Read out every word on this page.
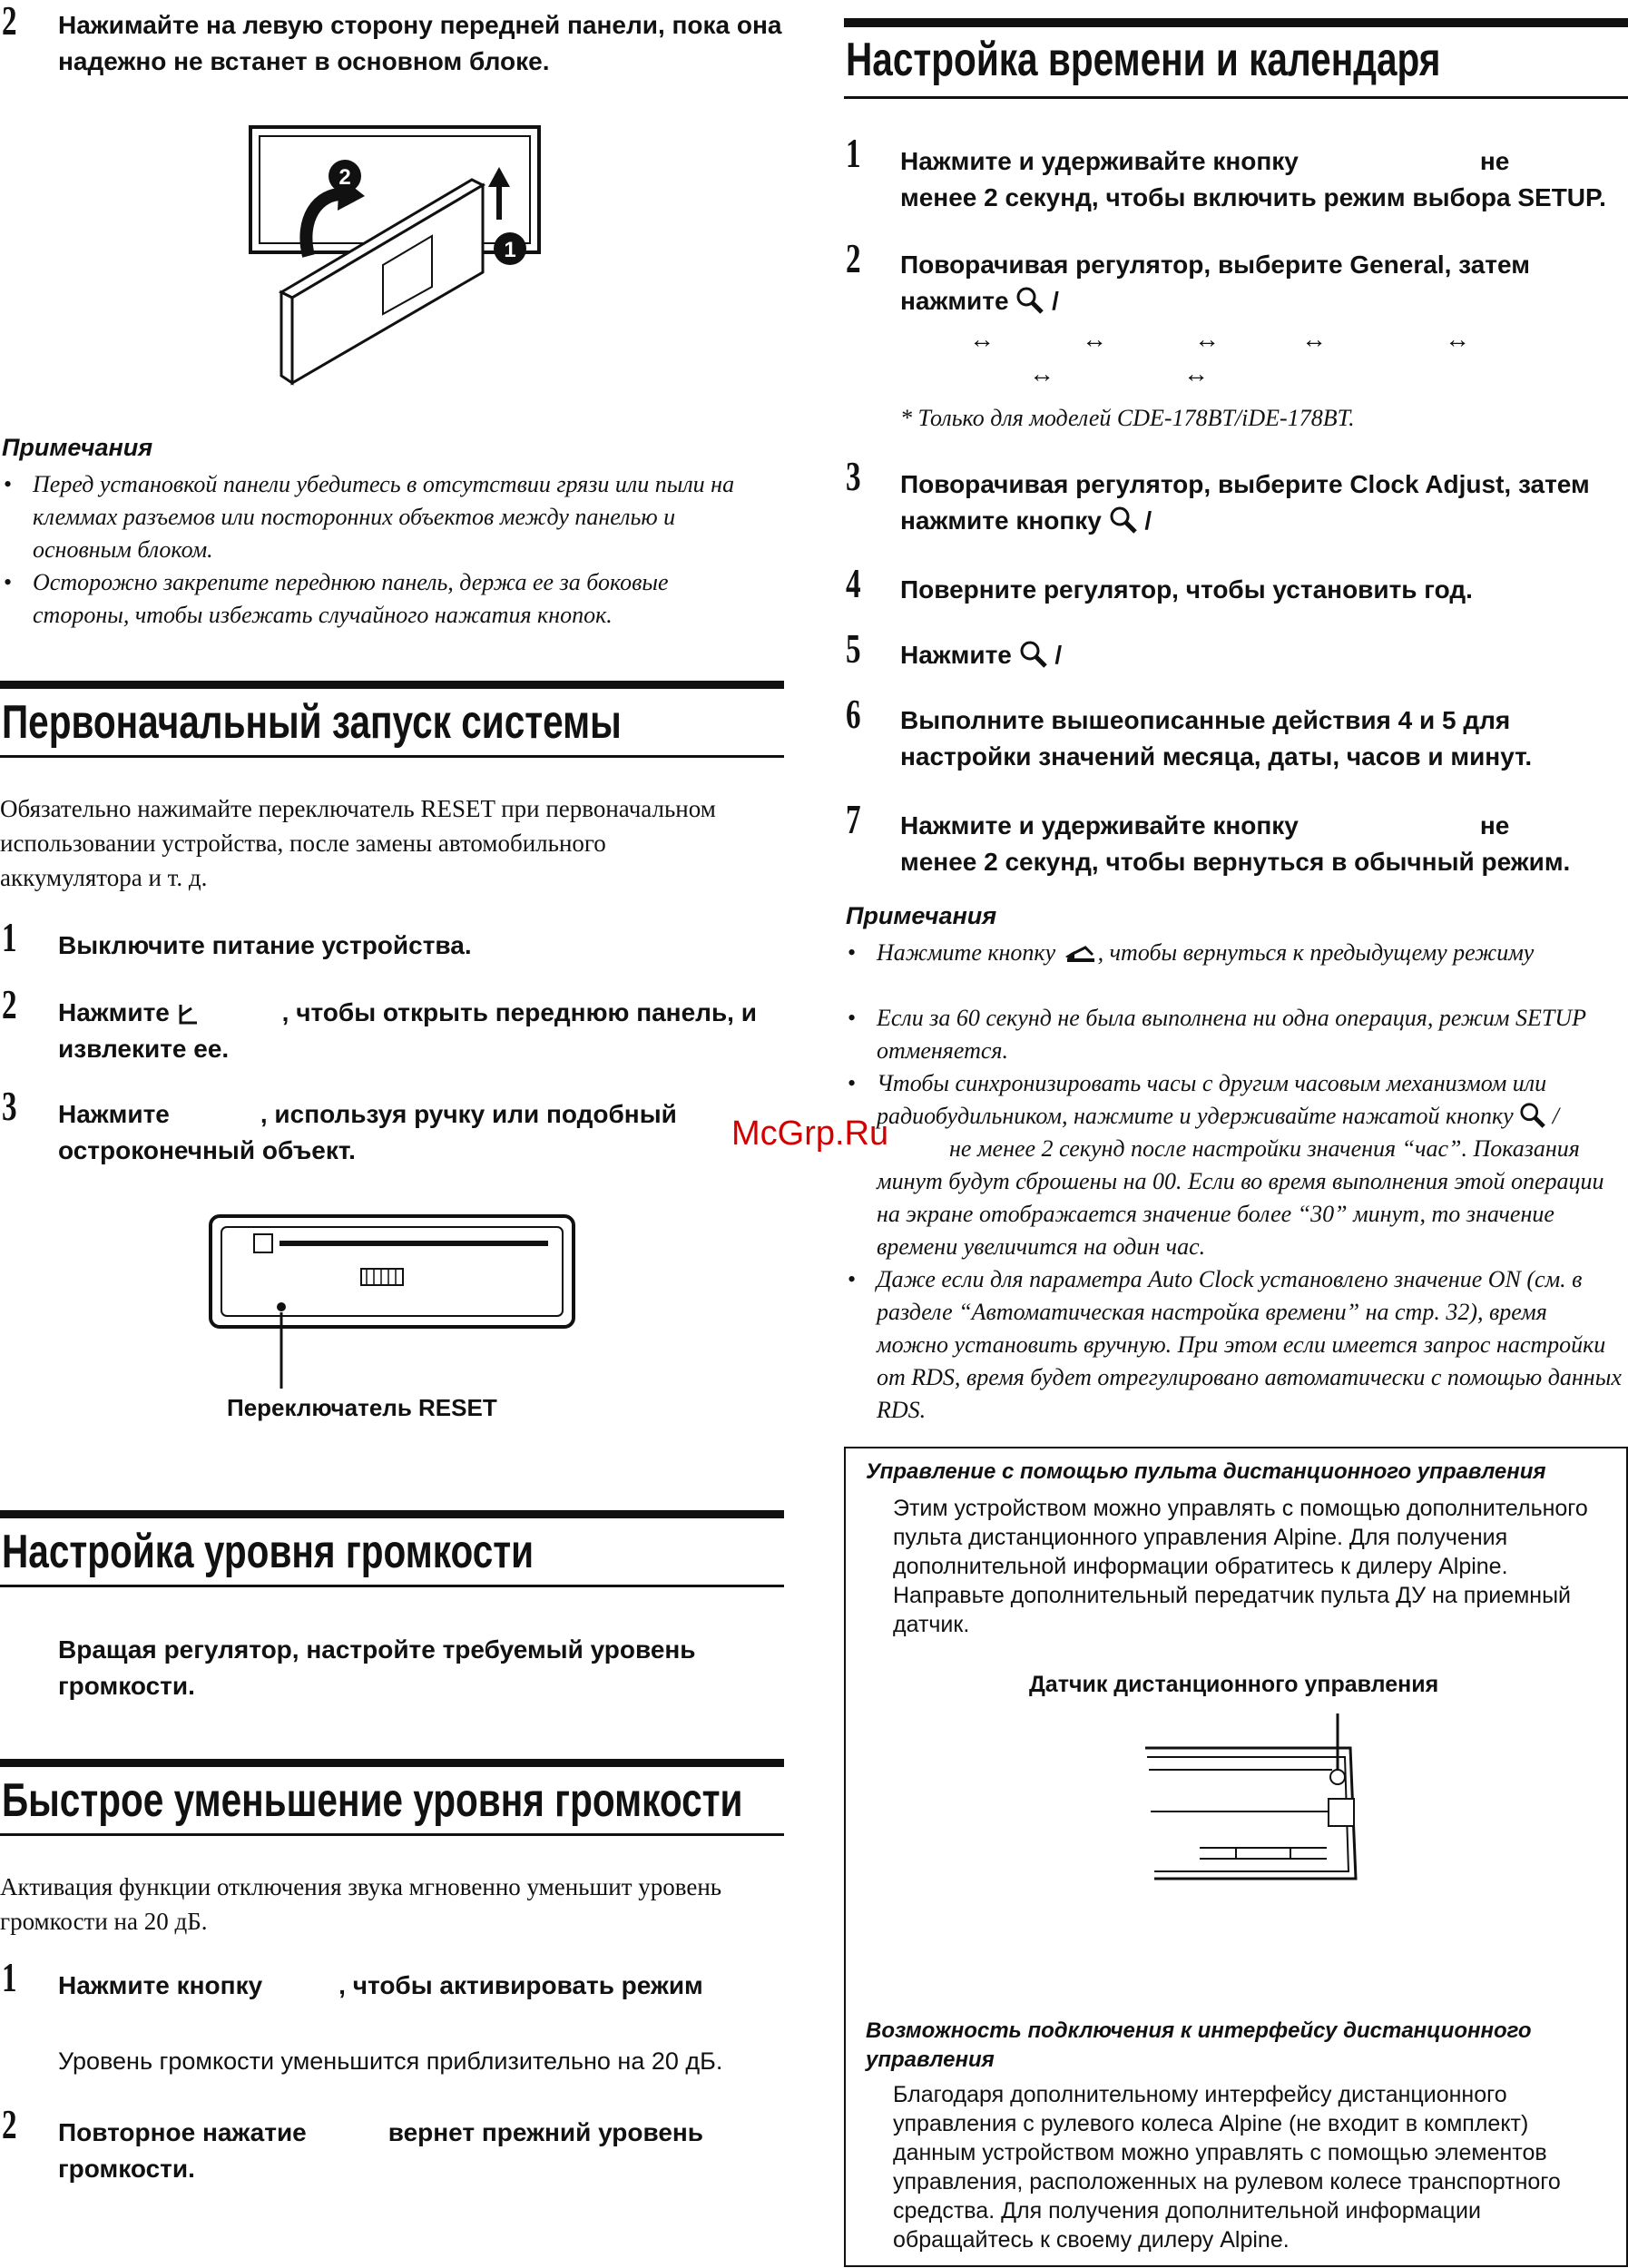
2 Нажимайте на левую сторону передней панели, пока она надежно не встанет в основном блоке.
2
1
Примечания
• Перед установкой панели убедитесь в отсутствии грязи или пыли на клеммах разъемов или посторонних объектов между панелью и основным блоком.
• Осторожно закрепите переднюю панель, держа ее за боковые стороны, чтобы избежать случайного нажатия кнопок.
Первоначальный запуск системы
Обязательно нажимайте переключатель RESET при первоначальном использовании устройства, после замены автомобильного аккумулятора и т. д.
1 Выключите питание устройства.
2 Нажмите	, чтобы открыть переднюю панель, и извлеките ее.
3 Нажмите	, используя ручку или подобный остроконечный объект.
Переключатель RESET
Настройка уровня громкости
Вращая регулятор, настройте требуемый уровень громкости.
Быстрое уменьшение уровня громкости
Активация функции отключения звука мгновенно уменьшит уровень громкости на 20 дБ.
1 Нажмите кнопку	, чтобы активировать режим
Уровень громкости уменьшится приблизительно на 20 дБ.
2 Повторное нажатие	вернет прежний уровень громкости.
Настройка времени и календаря
1 Нажмите и удерживайте кнопку	не
менее 2 секунд, чтобы включить режим выбора SETUP.
2 Поворачивая регулятор, выберите General, затем
нажмите /
↔	↔	↔	↔	↔
↔	↔
* Только для моделей CDE-178BT/iDE-178BT.
3 Поворачивая регулятор, выберите Clock Adjust, затем
нажмите кнопку /
4 Поверните регулятор, чтобы установить год.
5 Нажмите /
6 Выполните вышеописанные действия 4 и 5 для настройки значений месяца, даты, часов и минут.
7 Нажмите и удерживайте кнопку	не
менее 2 секунд, чтобы вернуться в обычный режим.
Примечания
• Нажмите кнопку , чтобы вернуться к предыдущему режиму
• Если за 60 секунд не была выполнена ни одна операция, режим SETUP отменяется.
• Чтобы синхронизировать часы с другим часовым механизмом или радиобудильником, нажмите и удерживайте нажатой кнопку /не менее 2 секунд после настройки значения “час”. Показания минут будут сброшены на 00. Если во время выполнения этой операции на экране отображается значение более “30” минут, то значение времени увеличится на один час.
• Даже если для параметра Auto Clock установлено значение ON (см. в разделе “Автоматическая настройка времени” на стр. 32), время можно установить вручную. При этом если имеется запрос настройки от RDS, время будет отрегулировано автоматически с помощью данных RDS.
McGrp.Ru
Управление с помощью пульта дистанционного управления
Этим устройством можно управлять с помощью дополнительного пульта дистанционного управления Alpine. Для получения дополнительной информации обратитесь к дилеру Alpine. Направьте дополнительный передатчик пульта ДУ на приемный датчик.
Датчик дистанционного управления
Возможность подключения к интерфейсу дистанционного управления
Благодаря дополнительному интерфейсу дистанционного управления с рулевого колеса Alpine (не входит в комплект) данным устройством можно управлять с помощью элементов управления, расположенных на рулевом колесе транспортного средства. Для получения дополнительной информации обращайтесь к своему дилеру Alpine.
